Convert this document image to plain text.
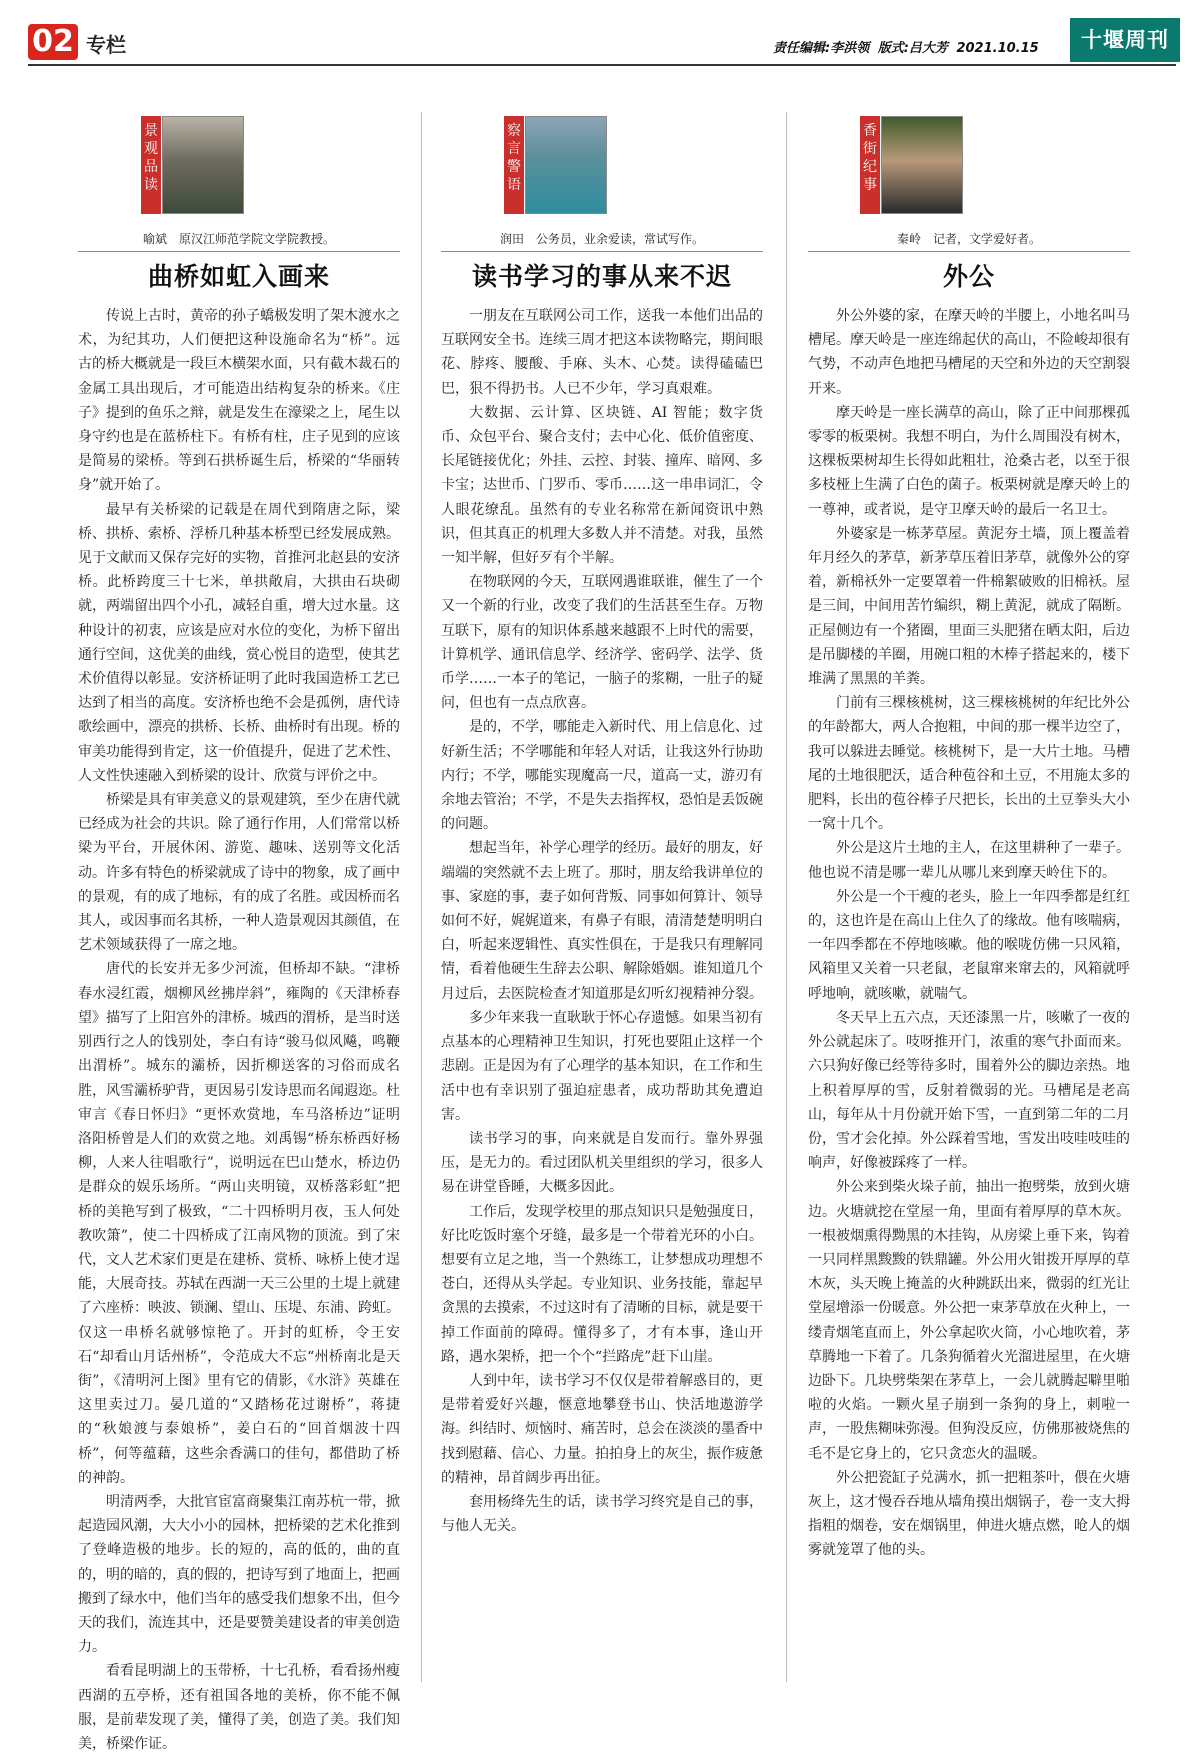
02 专栏	责任编辑:李洪领 版式:吕大芳 2021.10.15	十堰周刊
景观品读
喻斌　原汉江师范学院文学院教授。
曲桥如虹入画来

传说上古时，黄帝的孙子蟜极发明了架木渡水之术，为纪其功，人们便把这种设施命名为“桥”。远古的桥大概就是一段巨木横架水面，只有截木裁石的金属工具出现后，才可能造出结构复杂的桥来。《庄子》提到的鱼乐之辩，就是发生在濠梁之上，尾生以身守约也是在蓝桥柱下。有桥有柱，庄子见到的应该是简易的梁桥。等到石拱桥诞生后，桥梁的“华丽转身”就开始了。

最早有关桥梁的记载是在周代到隋唐之际，梁桥、拱桥、索桥、浮桥几种基本桥型已经发展成熟。见于文献而又保存完好的实物，首推河北赵县的安济桥。此桥跨度三十七米，单拱敞肩，大拱由石块砌就，两端留出四个小孔，减轻自重，增大过水量。这种设计的初衷，应该是应对水位的变化，为桥下留出通行空间，这优美的曲线，赏心悦目的造型，使其艺术价值得以彰显。安济桥证明了此时我国造桥工艺已达到了相当的高度。安济桥也绝不会是孤例，唐代诗歌绘画中，漂亮的拱桥、长桥、曲桥时有出现。桥的审美功能得到肯定，这一价值提升，促进了艺术性、人文性快速融入到桥梁的设计、欣赏与评价之中。

桥梁是具有审美意义的景观建筑，至少在唐代就已经成为社会的共识。除了通行作用，人们常常以桥梁为平台，开展休闲、游览、趣味、送别等文化活动。许多有特色的桥梁就成了诗中的物象，成了画中的景观，有的成了地标，有的成了名胜。或因桥而名其人，或因事而名其桥，一种人造景观因其颜值，在艺术领域获得了一席之地。

唐代的长安并无多少河流，但桥却不缺。“津桥春水浸红霞，烟柳风丝拂岸斜”，雍陶的《天津桥春望》描写了上阳宫外的津桥。城西的渭桥，是当时送别西行之人的饯别处，李白有诗“骏马似风飚，鸣鞭出渭桥”。城东的灞桥，因折柳送客的习俗而成名胜，风雪灞桥驴背，更因易引发诗思而名闻遐迩。杜审言《春日怀归》“更怀欢赏地，车马洛桥边”证明洛阳桥曾是人们的欢赏之地。刘禹锡“桥东桥西好杨柳，人来人往唱歌行”，说明远在巴山楚水，桥边仍是群众的娱乐场所。“两山夹明镜，双桥落彩虹”把桥的美艳写到了极致，“二十四桥明月夜，玉人何处教吹箫”，使二十四桥成了江南风物的顶流。到了宋代，文人艺术家们更是在建桥、赏桥、咏桥上使才逞能，大展奇技。苏轼在西湖一天三公里的土堤上就建了六座桥：映波、锁澜、望山、压堤、东浦、跨虹。仅这一串桥名就够惊艳了。开封的虹桥，令王安石“却看山月话州桥”，令范成大不忘“州桥南北是天街”，《清明河上图》里有它的倩影，《水浒》英雄在这里卖过刀。晏几道的“又踏杨花过谢桥”，蒋捷的“秋娘渡与泰娘桥”，姜白石的“回首烟波十四桥”，何等蕴藉，这些余香满口的佳句，都借助了桥的神韵。

明清两季，大批官宦富商聚集江南苏杭一带，掀起造园风潮，大大小小的园林，把桥梁的艺术化推到了登峰造极的地步。长的短的，高的低的，曲的直的，明的暗的，真的假的，把诗写到了地面上，把画搬到了绿水中，他们当年的感受我们想象不出，但今天的我们，流连其中，还是要赞美建设者的审美创造力。

看看昆明湖上的玉带桥，十七孔桥，看看扬州瘦西湖的五亭桥，还有祖国各地的美桥，你不能不佩服，是前辈发现了美，懂得了美，创造了美。我们知美，桥梁作证。

察言警语
润田　公务员，业余爱读，常试写作。
读书学习的事从来不迟

一朋友在互联网公司工作，送我一本他们出品的互联网安全书。连续三周才把这本读物略完，期间眼花、脖疼、腰酸、手麻、头木、心焚。读得磕磕巴巴，狠不得扔书。人已不少年，学习真艰难。

大数据、云计算、区块链、AI 智能；数字货币、众包平台、聚合支付；去中心化、低价值密度、长尾链接优化；外挂、云控、封装、撞库、暗网、多卡宝；达世币、门罗币、零币……这一串串词汇，令人眼花缭乱。虽然有的专业名称常在新闻资讯中熟识，但其真正的机理大多数人并不清楚。对我，虽然一知半解，但好歹有个半解。

在物联网的今天，互联网遇谁联谁，催生了一个又一个新的行业，改变了我们的生活甚至生存。万物互联下，原有的知识体系越来越跟不上时代的需要，计算机学、通讯信息学、经济学、密码学、法学、货币学……一本子的笔记，一脑子的浆糊，一肚子的疑问，但也有一点点欣喜。

是的，不学，哪能走入新时代、用上信息化、过好新生活；不学哪能和年轻人对话，让我这外行协助内行；不学，哪能实现魔高一尺，道高一丈，游刃有余地去管治；不学，不是失去指挥权，恐怕是丢饭碗的问题。

想起当年，补学心理学的经历。最好的朋友，好端端的突然就不去上班了。那时，朋友给我讲单位的事、家庭的事，妻子如何背叛、同事如何算计、领导如何不好，娓娓道来，有鼻子有眼，清清楚楚明明白白，听起来逻辑性、真实性俱在，于是我只有理解同情，看着他硬生生辞去公职、解除婚姻。谁知道几个月过后，去医院检查才知道那是幻听幻视精神分裂。

多少年来我一直耿耿于怀心存遗憾。如果当初有点基本的心理精神卫生知识，打死也要阻止这样一个悲剧。正是因为有了心理学的基本知识，在工作和生活中也有幸识别了强迫症患者，成功帮助其免遭迫害。

读书学习的事，向来就是自发而行。靠外界强压，是无力的。看过团队机关里组织的学习，很多人易在讲堂昏睡，大概多因此。

工作后，发现学校里的那点知识只是勉强度日，好比吃饭时塞个牙缝，最多是一个带着光环的小白。想要有立足之地，当一个熟练工，让梦想成功理想不苍白，还得从头学起。专业知识、业务技能，靠起早贪黑的去摸索，不过这时有了清晰的目标，就是要干掉工作面前的障碍。懂得多了，才有本事，逢山开路，遇水架桥，把一个个“拦路虎”赶下山崖。

人到中年，读书学习不仅仅是带着解惑目的，更是带着爱好兴趣，惬意地攀登书山、快活地遨游学海。纠结时、烦恼时、痛苦时，总会在淡淡的墨香中找到慰藉、信心、力量。拍拍身上的灰尘，振作疲惫的精神，昂首阔步再出征。

套用杨绛先生的话，读书学习终究是自己的事，与他人无关。

香街纪事
秦岭　记者，文学爱好者。
外公

外公外婆的家，在摩天岭的半腰上，小地名叫马槽尾。摩天岭是一座连绵起伏的高山，不险峻却很有气势，不动声色地把马槽尾的天空和外边的天空割裂开来。

摩天岭是一座长满草的高山，除了正中间那棵孤零零的板栗树。我想不明白，为什么周围没有树木，这棵板栗树却生长得如此粗壮，沧桑古老，以至于很多枝桠上生满了白色的菌子。板栗树就是摩天岭上的一尊神，或者说，是守卫摩天岭的最后一名卫士。

外婆家是一栋茅草屋。黄泥夯土墙，顶上覆盖着年月经久的茅草，新茅草压着旧茅草，就像外公的穿着，新棉袄外一定要罩着一件棉絮破败的旧棉袄。屋是三间，中间用苦竹编织，糊上黄泥，就成了隔断。正屋侧边有一个猪圈，里面三头肥猪在晒太阳，后边是吊脚楼的羊圈，用碗口粗的木棒子搭起来的，楼下堆满了黑黑的羊粪。

门前有三棵核桃树，这三棵核桃树的年纪比外公的年龄都大，两人合抱粗，中间的那一棵半边空了，我可以躲进去睡觉。核桃树下，是一大片土地。马槽尾的土地很肥沃，适合种苞谷和土豆，不用施太多的肥料，长出的苞谷棒子尺把长，长出的土豆拳头大小一窝十几个。

外公是这片土地的主人，在这里耕种了一辈子。他也说不清是哪一辈儿从哪儿来到摩天岭住下的。

外公是一个干瘦的老头，脸上一年四季都是红红的，这也许是在高山上住久了的缘故。他有咳喘病，一年四季都在不停地咳嗽。他的喉咙仿佛一只风箱，风箱里又关着一只老鼠，老鼠窜来窜去的，风箱就呼呼地响，就咳嗽，就喘气。

冬天早上五六点，天还漆黑一片，咳嗽了一夜的外公就起床了。吱呀推开门，浓重的寒气扑面而来。六只狗好像已经等待多时，围着外公的脚边亲热。地上积着厚厚的雪，反射着微弱的光。马槽尾是老高山，每年从十月份就开始下雪，一直到第二年的二月份，雪才会化掉。外公踩着雪地，雪发出吱哇吱哇的响声，好像被踩疼了一样。

外公来到柴火垛子前，抽出一抱劈柴，放到火塘边。火塘就挖在堂屋一角，里面有着厚厚的草木灰。一根被烟熏得黝黑的木挂钩，从房梁上垂下来，钩着一只同样黑黢黢的铁鼎罐。外公用火钳拨开厚厚的草木灰，头天晚上掩盖的火种跳跃出来，微弱的红光让堂屋增添一份暖意。外公把一束茅草放在火种上，一缕青烟笔直而上，外公拿起吹火筒，小心地吹着，茅草腾地一下着了。几条狗循着火光溜进屋里，在火塘边卧下。几块劈柴架在茅草上，一会儿就腾起噼里啪啦的火焰。一颗火星子崩到一条狗的身上，刺啦一声，一股焦糊味弥漫。但狗没反应，仿佛那被烧焦的毛不是它身上的，它只贪恋火的温暖。

外公把瓷缸子兑满水，抓一把粗茶叶，偎在火塘灰上，这才慢吞吞地从墙角摸出烟锅子，卷一支大拇指粗的烟卷，安在烟锅里，伸进火塘点燃，呛人的烟雾就笼罩了他的头。
